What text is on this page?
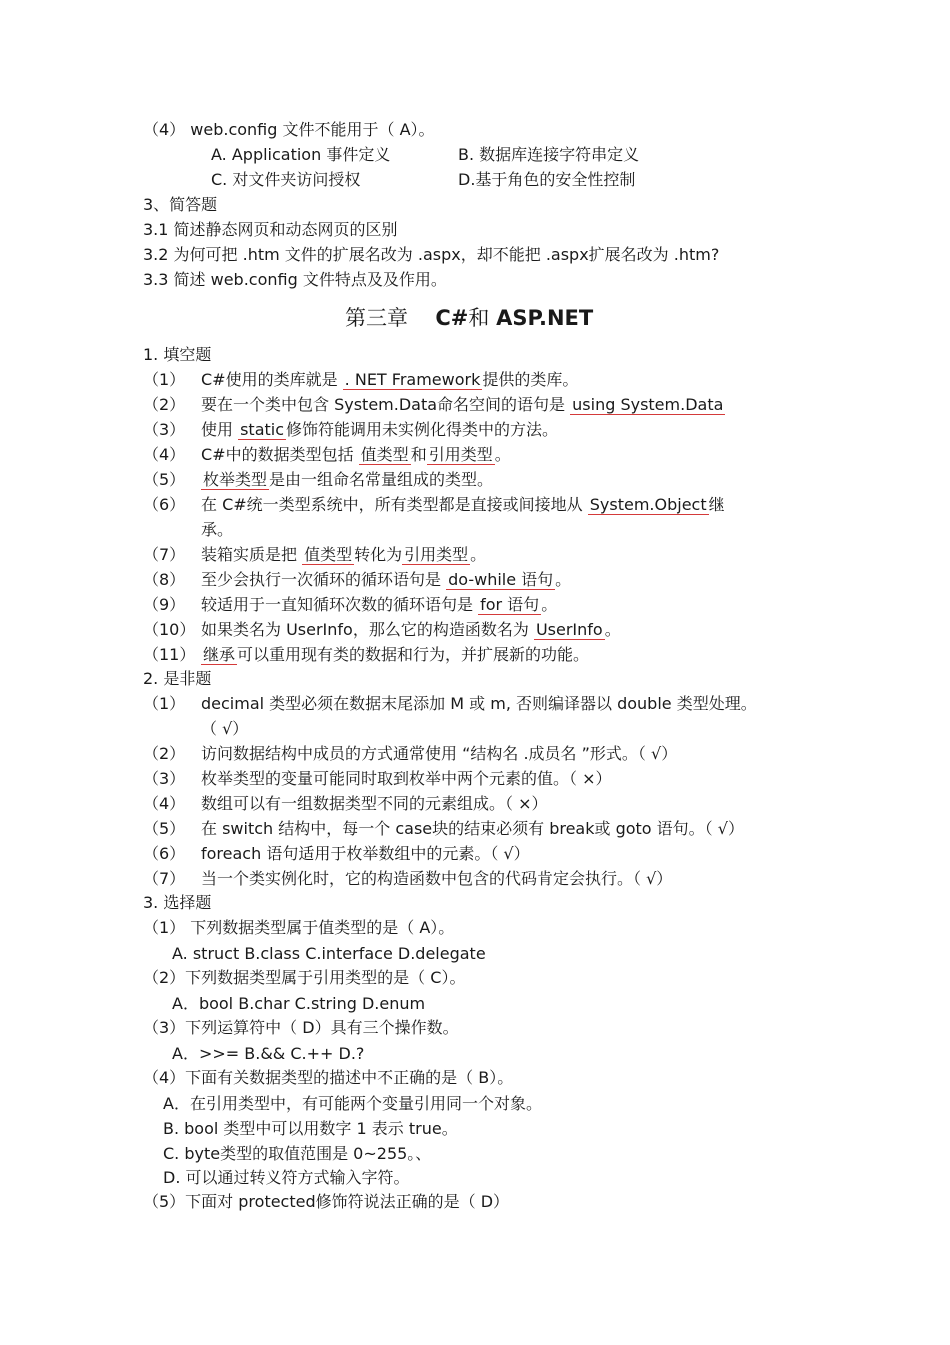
（4） web.config 文件不能用于（ A）。
A. Application 事件定义	B. 数据库连接字符串定义
C. 对文件夹访问授权	D.基于角色的安全性控制
3、简答题
3.1 简述静态网页和动态网页的区别
3.2 为何可把 .htm 文件的扩展名改为 .aspx，却不能把 .aspx扩展名改为 .htm?
3.3 简述 web.config 文件特点及及作用。
第三章 C#和 ASP.NET
1. 填空题
（1） C#使用的类库就是 . NET Framework 提供的类库。
（2） 要在一个类中包含 System.Data命名空间的语句是 using System.Data
（3） 使用 static 修饰符能调用未实例化得类中的方法。
（4） C#中的数据类型包括 值类型 和 引用类型 。
（5） 枚举类型 是由一组命名常量组成的类型。
（6） 在 C#统一类型系统中，所有类型都是直接或间接地从 System.Object 继
承。
（7） 装箱实质是把 值类型 转化为 引用类型 。
（8） 至少会执行一次循环的循环语句是 do-while 语句 。
（9） 较适用于一直知循环次数的循环语句是 for 语句 。
（10） 如果类名为 UserInfo，那么它的构造函数名为 UserInfo 。
（11） 继承 可以重用现有类的数据和行为，并扩展新的功能。
2. 是非题
（1） decimal 类型必须在数据末尾添加 M 或 m, 否则编译器以 double 类型处理。
（ √）
（2） 访问数据结构中成员的方式通常使用 “结构名 .成员名 ”形式。（ √）
（3） 枚举类型的变量可能同时取到枚举中两个元素的值。（ ×）
（4） 数组可以有一组数据类型不同的元素组成。（ ×）
（5） 在 switch 结构中，每一个 case块的结束必须有 break或 goto 语句。（ √）
（6） foreach 语句适用于枚举数组中的元素。（ √）
（7） 当一个类实例化时，它的构造函数中包含的代码肯定会执行。（ √）
3. 选择题
（1） 下列数据类型属于值类型的是（ A）。
A. struct B.class C.interface D.delegate
（2）下列数据类型属于引用类型的是（ C）。
A．bool B.char C.string D.enum
（3）下列运算符中（ D）具有三个操作数。
A．>>= B.&& C.++ D.?
（4）下面有关数据类型的描述中不正确的是（ B）。
A．在引用类型中，有可能两个变量引用同一个对象。
B. bool 类型中可以用数字 1 表示 true。
C. byte类型的取值范围是 0~255。、
D. 可以通过转义符方式输入字符。
（5）下面对 protected修饰符说法正确的是（ D）
